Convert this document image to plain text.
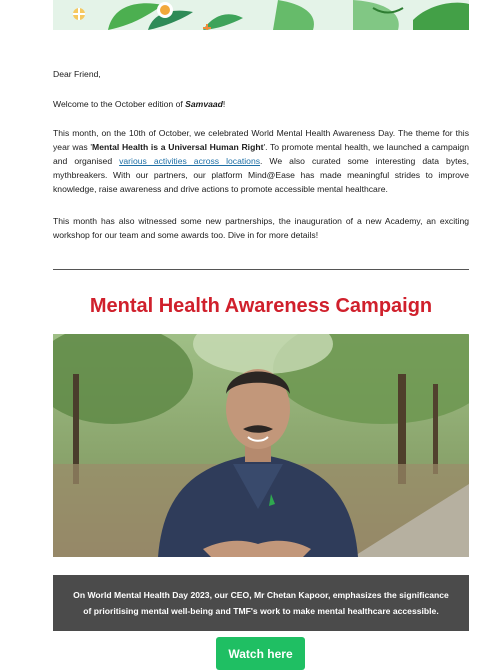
Dear Friend,

Welcome to the October edition of Samvaad!

This month, on the 10th of October, we celebrated World Mental Health Awareness Day. The theme for this year was 'Mental Health is a Universal Human Right'. To promote mental health, we launched a campaign and organised various activities across locations. We also curated some interesting data bytes, mythbreakers. With our partners, our platform Mind@Ease has made meaningful strides to improve knowledge, raise awareness and drive actions to promote accessible mental healthcare.

This month has also witnessed some new partnerships, the inauguration of a new Academy, an exciting workshop for our team and some awards too. Dive in for more details!

Mental Health Awareness Campaign
On World Mental Health Day 2023, our CEO, Mr Chetan Kapoor, emphasizes the significance
of prioritising mental well-being and TMF's work to make mental healthcare accessible.
Watch here
